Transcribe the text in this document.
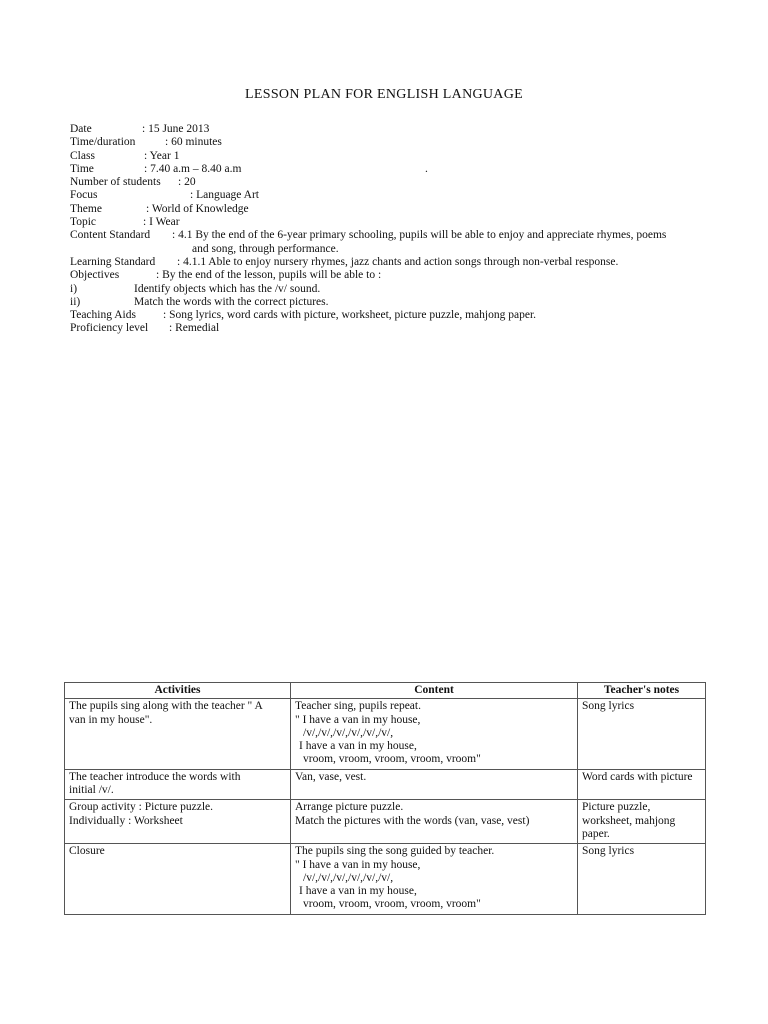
LESSON PLAN FOR ENGLISH LANGUAGE
Date	: 15 June 2013
Time/duration	: 60 minutes
Class	: Year 1
Time	: 7.40 a.m – 8.40 a.m	.
Number of students : 20
Focus	: Language Art
Theme	: World of Knowledge
Topic	: I Wear
Content Standard : 4.1 By the end of the 6-year primary schooling, pupils will be able to enjoy and appreciate rhymes, poems
and song, through performance.
Learning Standard : 4.1.1 Able to enjoy nursery rhymes, jazz chants and action songs through non-verbal response.
Objectives	: By the end of the lesson, pupils will be able to :
i)	Identify objects which has the /v/ sound.
ii)	Match the words with the correct pictures.
Teaching Aids : Song lyrics, word cards with picture, worksheet, picture puzzle, mahjong paper.
Proficiency level : Remedial
Activities	Content	Teacher's notes

The pupils sing along with the teacher " A
van in my house".	Teacher sing, pupils repeat.
" I have a van in my house,
/v/,/v/,/v/,/v/,/v/,/v/,
I have a van in my house,
vroom, vroom, vroom, vroom, vroom"	Song lyrics

The teacher introduce the words with
initial /v/.	Van, vase, vest.	Word cards with picture

Group activity : Picture puzzle.
Individually : Worksheet	Arrange picture puzzle.
Match the pictures with the words (van, vase, vest)	Picture puzzle,
worksheet, mahjong
paper.

Closure	The pupils sing the song guided by teacher.
" I have a van in my house,
/v/,/v/,/v/,/v/,/v/,/v/,
I have a van in my house,
vroom, vroom, vroom, vroom, vroom"	Song lyrics
